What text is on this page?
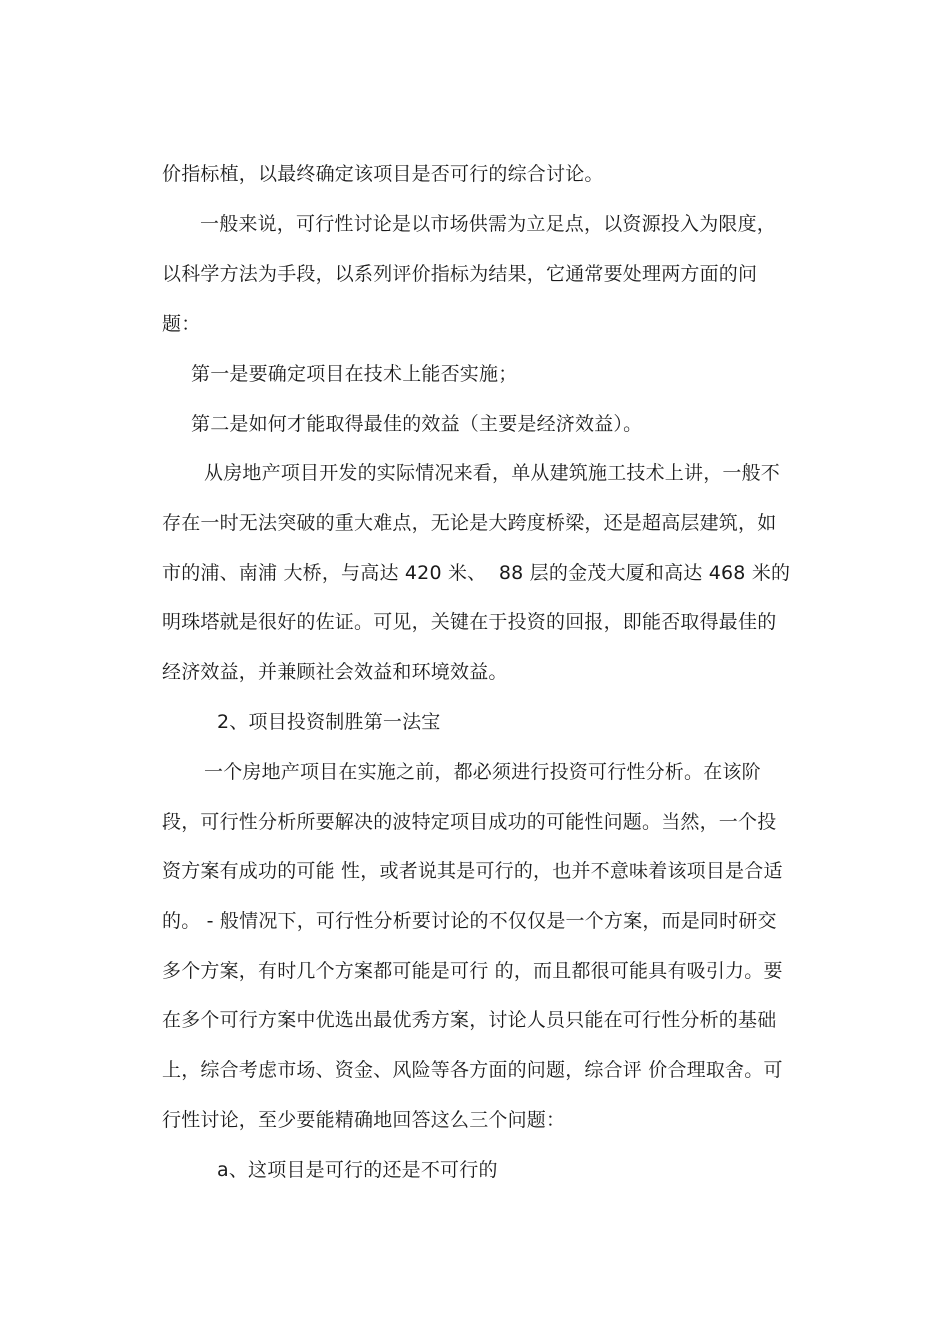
价指标植，以最终确定该项目是否可行的综合讨论。
一般来说，可行性讨论是以市场供需为立足点，以资源投入为限度，
以科学方法为手段，以系列评价指标为结果，它通常要处理两方面的问
题：
第一是要确定项目在技术上能否实施；
第二是如何才能取得最佳的效益（主要是经济效益）。
从房地产项目开发的实际情况来看，单从建筑施工技术上讲，一般不
存在一时无法突破的重大难点，无论是大跨度桥梁，还是超高层建筑，如
市的浦、南浦 大桥，与高达 420 米、  88 层的金茂大厦和高达 468 米的
明珠塔就是很好的佐证。可见，关键在于投资的回报，即能否取得最佳的
经济效益，并兼顾社会效益和环境效益。
2、项目投资制胜第一法宝
一个房地产项目在实施之前，都必须进行投资可行性分析。在该阶
段，可行性分析所要解决的波特定项目成功的可能性问题。当然，一个投
资方案有成功的可能 性，或者说其是可行的，也并不意味着该项目是合适
的。 - 般情况下，可行性分析要讨论的不仅仅是一个方案，而是同时研交
多个方案，有时几个方案都可能是可行 的，而且都很可能具有吸引力。要
在多个可行方案中优选出最优秀方案，讨论人员只能在可行性分析的基础
上，综合考虑市场、资金、风险等各方面的问题，综合评 价合理取舍。可
行性讨论，至少要能精确地回答这么三个问题：
a、这项目是可行的还是不可行的
